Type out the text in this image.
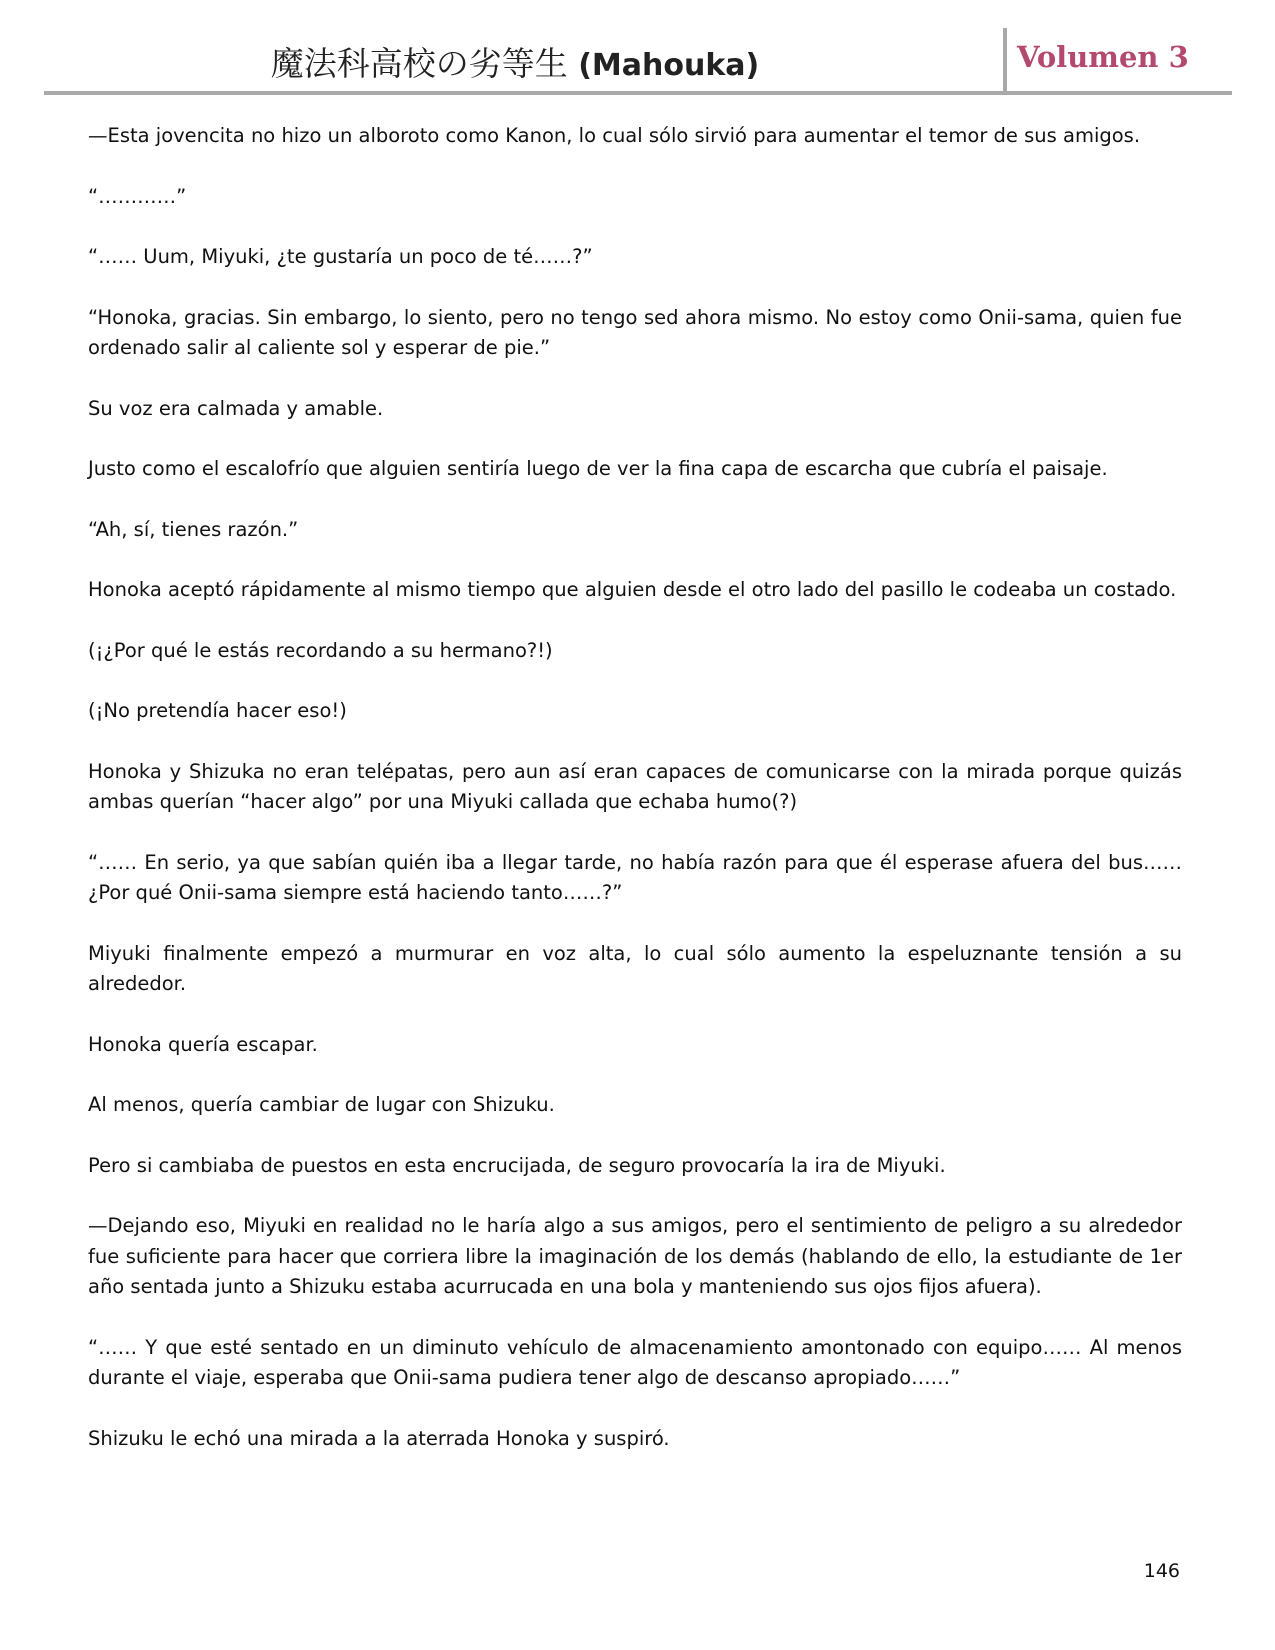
魔法科高校の劣等生 (Mahouka)	Volumen 3

—Esta jovencita no hizo un alboroto como Kanon, lo cual sólo sirvió para aumentar el temor de sus amigos.

“…………”

“…… Uum, Miyuki, ¿te gustaría un poco de té……?”

“Honoka, gracias. Sin embargo, lo siento, pero no tengo sed ahora mismo. No estoy como Onii-sama, quien fue ordenado salir al caliente sol y esperar de pie.”

Su voz era calmada y amable.

Justo como el escalofrío que alguien sentiría luego de ver la fina capa de escarcha que cubría el paisaje.

“Ah, sí, tienes razón.”

Honoka aceptó rápidamente al mismo tiempo que alguien desde el otro lado del pasillo le codeaba un costado.

(¡¿Por qué le estás recordando a su hermano?!)

(¡No pretendía hacer eso!)

Honoka y Shizuka no eran telépatas, pero aun así eran capaces de comunicarse con la mirada porque quizás ambas querían “hacer algo” por una Miyuki callada que echaba humo(?)

“…… En serio, ya que sabían quién iba a llegar tarde, no había razón para que él esperase afuera del bus…… ¿Por qué Onii-sama siempre está haciendo tanto……?”

Miyuki finalmente empezó a murmurar en voz alta, lo cual sólo aumento la espeluznante tensión a su alrededor.

Honoka quería escapar.

Al menos, quería cambiar de lugar con Shizuku.

Pero si cambiaba de puestos en esta encrucijada, de seguro provocaría la ira de Miyuki.

—Dejando eso, Miyuki en realidad no le haría algo a sus amigos, pero el sentimiento de peligro a su alrededor fue suficiente para hacer que corriera libre la imaginación de los demás (hablando de ello, la estudiante de 1er año sentada junto a Shizuku estaba acurrucada en una bola y manteniendo sus ojos fijos afuera).

“…… Y que esté sentado en un diminuto vehículo de almacenamiento amontonado con equipo…… Al menos durante el viaje, esperaba que Onii-sama pudiera tener algo de descanso apropiado……”

Shizuku le echó una mirada a la aterrada Honoka y suspiró.

146
